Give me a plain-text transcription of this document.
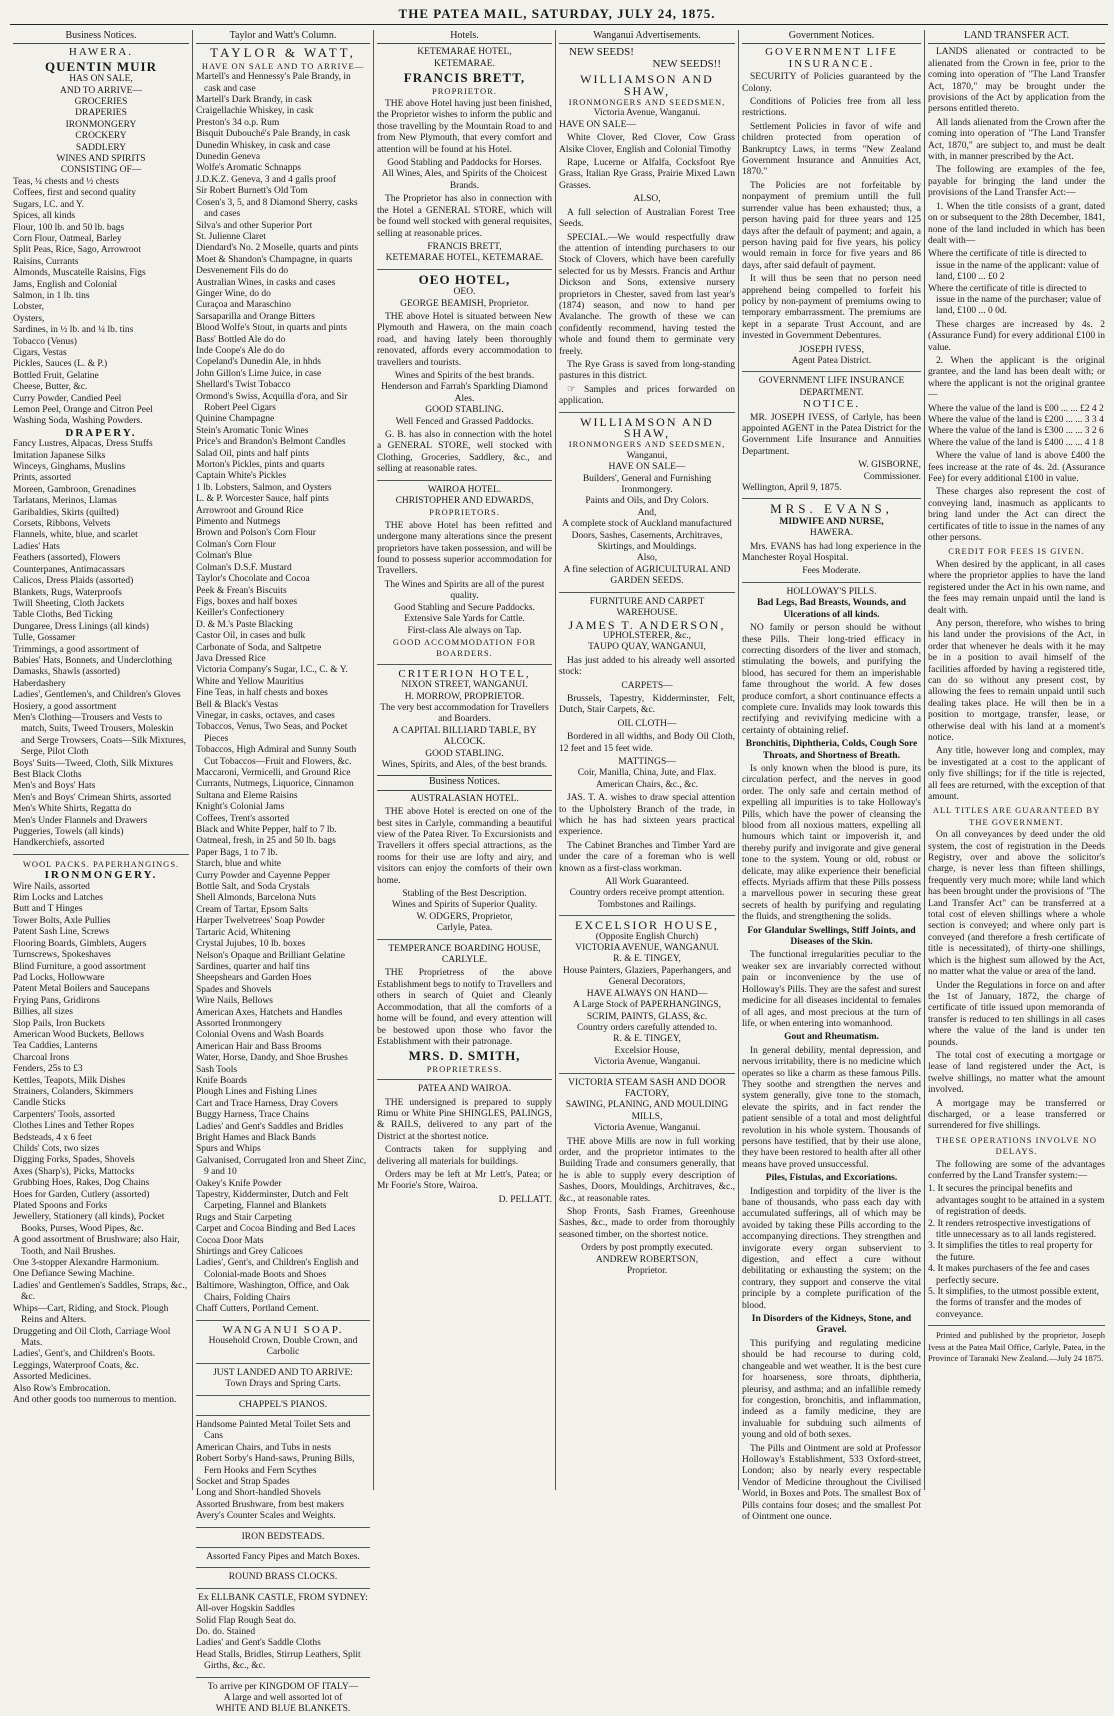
THE PATEA MAIL, SATURDAY, JULY 24, 1875.
Business Notices.
HAWERA.
QUENTIN MUIR

HAS ON SALE,

AND TO ARRIVE—

GROCERIES

DRAPERIES

IRONMONGERY

CROCKERY

SADDLERY

WINES AND SPIRITS

CONSISTING OF—

Teas, ¼ chests and ½ chests

Coffees, first and second quality

Sugars, I.C. and Y.

Spices, all kinds

Flour, 100 lb. and 50 lb. bags

Corn Flour, Oatmeal, Barley

Split Peas, Rice, Sago, Arrowroot

Raisins, Currants

Almonds, Muscatelle Raisins, Figs

Jams, English and Colonial

Salmon, in 1 lb. tins

Lobster,

Oysters,

Sardines, in ½ lb. and ¼ lb. tins

Tobacco (Venus)

Cigars, Vestas

Pickles, Sauces (L. & P.)

Bottled Fruit, Gelatine

Cheese, Butter, &c.

Curry Powder, Candied Peel

Lemon Peel, Orange and Citron Peel

Washing Soda, Washing Powders.

DRAPERY.

Fancy Lustres, Alpacas, Dress Stuffs

Imitation Japanese Silks

Winceys, Ginghams, Muslins

Prints, assorted

Moreen, Gambroon, Grenadines

Tarlatans, Merinos, Llamas

Garibaldies, Skirts (quilted)

Corsets, Ribbons, Velvets

Flannels, white, blue, and scarlet

Ladies' Hats

Feathers (assorted), Flowers

Counterpanes, Antimacassars

Calicos, Dress Plaids (assorted)

Blankets, Rugs, Waterproofs

Twill Sheeting, Cloth Jackets

Table Cloths, Bed Ticking

Dungaree, Dress Linings (all kinds)

Tulle, Gossamer

Trimmings, a good assortment of

Babies' Hats, Bonnets, and Underclothing

Damasks, Shawls (assorted)

Haberdashery

Ladies', Gentlemen's, and Children's Gloves

Hosiery, a good assortment

Men's Clothing—Trousers and Vests to match, Suits, Tweed Trousers, Moleskin and Serge Trowsers, Coats—Silk Mixtures, Serge, Pilot Cloth

Boys' Suits—Tweed, Cloth, Silk Mixtures

Best Black Cloths

Men's and Boys' Hats

Men's and Boys' Crimean Shirts, assorted

Men's White Shirts, Regatta do

Men's Under Flannels and Drawers

Puggeries, Towels (all kinds)

Handkerchiefs, assorted

WOOL PACKS. PAPERHANGINGS.
IRONMONGERY.

Wire Nails, assorted

Rim Locks and Latches

Butt and T Hinges

Tower Bolts, Axle Pullies

Patent Sash Line, Screws

Flooring Boards, Gimblets, Augers

Turnscrews, Spokeshaves

Blind Furniture, a good assortment

Pad Locks, Hollowware

Patent Metal Boilers and Saucepans

Frying Pans, Gridirons

Billies, all sizes

Slop Pails, Iron Buckets

American Wood Buckets, Bellows

Tea Caddies, Lanterns

Charcoal Irons

Fenders, 25s to £3

Kettles, Teapots, Milk Dishes

Strainers, Colanders, Skimmers

Candle Sticks

Carpenters' Tools, assorted

Clothes Lines and Tether Ropes

Bedsteads, 4 x 6 feet

Childs' Cots, two sizes

Digging Forks, Spades, Shovels

Axes (Sharp's), Picks, Mattocks

Grubbing Hoes, Rakes, Dog Chains

Hoes for Garden, Cutlery (assorted)

Plated Spoons and Forks

Jewellery, Stationery (all kinds), Pocket Books, Purses, Wood Pipes, &c.

A good assortment of Brushware; also Hair, Tooth, and Nail Brushes.

One 3-stopper Alexandre Harmonium.

One Defiance Sewing Machine.

Ladies' and Gentlemen's Saddles, Straps, &c., &c.

Whips—Cart, Riding, and Stock. Plough Reins and Alters.

Druggeting and Oil Cloth, Carriage Wool Mats.

Ladies', Gent's, and Children's Boots.

Leggings, Waterproof Coats, &c.

Assorted Medicines.

Also Row's Embrocation.

And other goods too numerous to mention.

Taylor and Watt's Column.
TAYLOR & WATT,
HAVE ON SALE AND TO ARRIVE—

Martell's and Hennessy's Pale Brandy, in cask and case

Martell's Dark Brandy, in cask

Craigellachie Whiskey, in cask

Preston's 34 o.p. Rum

Bisquit Dubouché's Pale Brandy, in cask

Dunedin Whiskey, in cask and case

Dunedin Geneva

Wolfe's Aromatic Schnapps

J.D.K.Z. Geneva, 3 and 4 galls proof

Sir Robert Burnett's Old Tom

Cosen's 3, 5, and 8 Diamond Sherry, casks and cases

Silva's and other Superior Port

St. Julienne Claret

Diendard's No. 2 Moselle, quarts and pints

Moet & Shandon's Champagne, in quarts

Desvenement Fils do do

Australian Wines, in casks and cases

Ginger Wine, do do

Curaçoa and Maraschino

Sarsaparilla and Orange Bitters

Blood Wolfe's Stout, in quarts and pints

Bass' Bottled Ale do do

Inde Coope's Ale do do

Copeland's Dunedin Ale, in hhds

John Gillon's Lime Juice, in case

Shellard's Twist Tobacco

Ormond's Swiss, Acquilla d'ora, and Sir Robert Peel Cigars

Quinine Champagne

Stein's Aromatic Tonic Wines

Price's and Brandon's Belmont Candles

Salad Oil, pints and half pints

Morton's Pickles, pints and quarts

Captain White's Pickles

1 lb. Lobsters, Salmon, and Oysters

L. & P. Worcester Sauce, half pints

Arrowroot and Ground Rice

Pimento and Nutmegs

Brown and Polson's Corn Flour

Colman's Corn Flour

Colman's Blue

Colman's D.S.F. Mustard

Taylor's Chocolate and Cocoa

Peek & Frean's Biscuits

Figs, boxes and half boxes

Keiller's Confectionery

D. & M.'s Paste Blacking

Castor Oil, in cases and bulk

Carbonate of Soda, and Saltpetre

Java Dressed Rice

Victoria Company's Sugar, I.C., C. & Y.

White and Yellow Mauritius

Fine Teas, in half chests and boxes

Bell & Black's Vestas

Vinegar, in casks, octaves, and cases

Tobaccos, Venus, Two Seas, and Pocket Pieces

Tobaccos, High Admiral and Sunny South Cut Tobaccos—Fruit and Flowers, &c.

Maccaroni, Vermicelli, and Ground Rice

Currants, Nutmegs, Liquorice, Cinnamon

Sultana and Eleme Raisins

Knight's Colonial Jams

Coffees, Trent's assorted

Black and White Pepper, half to 7 lb.

Oatmeal, fresh, in 25 and 50 lb. bags

Paper Bags, 1 to 7 lb.

Starch, blue and white

Curry Powder and Cayenne Pepper

Bottle Salt, and Soda Crystals

Shell Almonds, Barcelona Nuts

Cream of Tartar, Epsom Salts

Harper Twelvetrees' Soap Powder

Tartaric Acid, Whitening

Crystal Jujubes, 10 lb. boxes

Nelson's Opaque and Brilliant Gelatine

Sardines, quarter and half tins

Sheepshears and Garden Hoes

Spades and Shovels

Wire Nails, Bellows

American Axes, Hatchets and Handles

Assorted Ironmongery

Colonial Ovens and Wash Boards

American Hair and Bass Brooms

Water, Horse, Dandy, and Shoe Brushes

Sash Tools

Knife Boards

Plough Lines and Fishing Lines

Cart and Trace Harness, Dray Covers

Buggy Harness, Trace Chains

Ladies' and Gent's Saddles and Bridles

Bright Hames and Black Bands

Spurs and Whips

Galvanised, Corrugated Iron and Sheet Zinc, 9 and 10

Oakey's Knife Powder

Tapestry, Kidderminster, Dutch and Felt Carpeting, Flannel and Blankets

Rugs and Stair Carpeting

Carpet and Cocoa Binding and Bed Laces

Cocoa Door Mats

Shirtings and Grey Calicoes

Ladies', Gent's, and Children's English and Colonial-made Boots and Shoes

Baltimore, Washington, Office, and Oak Chairs, Folding Chairs

Chaff Cutters, Portland Cement.

WANGANUI SOAP.

Household Crown, Double Crown, and Carbolic

JUST LANDED AND TO ARRIVE:

Town Drays and Spring Carts.

CHAPPEL'S PIANOS.

Handsome Painted Metal Toilet Sets and Cans

American Chairs, and Tubs in nests

Robert Sorby's Hand-saws, Pruning Bills, Fern Hooks and Fern Scythes

Socket and Strap Spades

Long and Short-handled Shovels

Assorted Brushware, from best makers

Avery's Counter Scales and Weights.

IRON BEDSTEADS.

Assorted Fancy Pipes and Match Boxes.

ROUND BRASS CLOCKS.
Ex ELLBANK CASTLE, FROM SYDNEY:

All-over Hogskin Saddles

Solid Flap Rough Seat do.

Do. do. Stained

Ladies' and Gent's Saddle Cloths

Head Stalls, Bridles, Stirrup Leathers, Split Girths, &c., &c.

To arrive per KINGDOM OF ITALY—

A large and well assorted lot of

WHITE AND BLUE BLANKETS.
Hotels.
KETEMARAE HOTEL,
KETEMARAE.
FRANCIS BRETT,
PROPRIETOR.

THE above Hotel having just been finished, the Proprietor wishes to inform the public and those travelling by the Mountain Road to and from New Plymouth, that every comfort and attention will be found at his Hotel.

Good Stabling and Paddocks for Horses.

All Wines, Ales, and Spirits of the Choicest Brands.

The Proprietor has also in connection with the Hotel a GENERAL STORE, which will be found well stocked with general requisites, selling at reasonable prices.

FRANCIS BRETT,
KETEMARAE HOTEL, KETEMARAE.
OEO HOTEL,
OEO.
GEORGE BEAMISH, Proprietor.

THE above Hotel is situated between New Plymouth and Hawera, on the main coach road, and having lately been thoroughly renovated, affords every accommodation to travellers and tourists.

Wines and Spirits of the best brands.

Henderson and Farrah's Sparkling Diamond Ales.

GOOD STABLING.

Well Fenced and Grassed Paddocks.

G. B. has also in connection with the hotel a GENERAL STORE, well stocked with Clothing, Groceries, Saddlery, &c., and selling at reasonable rates.

WAIROA HOTEL.
CHRISTOPHER AND EDWARDS,
PROPRIETORS.

THE above Hotel has been refitted and undergone many alterations since the present proprietors have taken possession, and will be found to possess superior accommodation for Travellers.

The Wines and Spirits are all of the purest quality.

Good Stabling and Secure Paddocks.

Extensive Sale Yards for Cattle.

First-class Ale always on Tap.

GOOD ACCOMMODATION FOR BOARDERS.

CRITERION HOTEL,
NIXON STREET, WANGANUI.
H. MORROW, PROPRIETOR.

The very best accommodation for Travellers and Boarders.

A CAPITAL BILLIARD TABLE, BY ALCOCK.

GOOD STABLING.

Wines, Spirits, and Ales, of the best brands.

Business Notices.
AUSTRALASIAN HOTEL.

THE above Hotel is erected on one of the best sites in Carlyle, commanding a beautiful view of the Patea River. To Excursionists and Travellers it offers special attractions, as the rooms for their use are lofty and airy, and visitors can enjoy the comforts of their own home.

Stabling of the Best Description.

Wines and Spirits of Superior Quality.

W. ODGERS, Proprietor,
Carlyle, Patea.
TEMPERANCE BOARDING HOUSE, CARLYLE.

THE Proprietress of the above Establishment begs to notify to Travellers and others in search of Quiet and Cleanly Accommodation, that all the comforts of a home will be found, and every attention will be bestowed upon those who favor the Establishment with their patronage.

MRS. D. SMITH,
PROPRIETRESS.
PATEA AND WAIROA.

THE undersigned is prepared to supply Rimu or White Pine SHINGLES, PALINGS, & RAILS, delivered to any part of the District at the shortest notice.

Contracts taken for supplying and delivering all materials for buildings.

Orders may be left at Mr Lett's, Patea; or Mr Foorie's Store, Wairoa.

D. PELLATT.
Wanganui Advertisements.
NEW SEEDS!
NEW SEEDS!!
WILLIAMSON AND SHAW,
IRONMONGERS AND SEEDSMEN,
Victoria Avenue, Wanganui.
HAVE ON SALE—

White Clover, Red Clover, Cow Grass Alsike Clover, English and Colonial Timothy

Rape, Lucerne or Alfalfa, Cocksfoot Rye Grass, Italian Rye Grass, Prairie Mixed Lawn Grasses.

ALSO,

A full selection of Australian Forest Tree Seeds.

SPECIAL.—We would respectfully draw the attention of intending purchasers to our Stock of Clovers, which have been carefully selected for us by Messrs. Francis and Arthur Dickson and Sons, extensive nursery proprietors in Chester, saved from last year's (1874) season, and now to hand per Avalanche. The growth of these we can confidently recommend, having tested the whole and found them to germinate very freely.

The Rye Grass is saved from long-standing pastures in this district.

☞ Samples and prices forwarded on application.

WILLIAMSON AND SHAW,
IRONMONGERS AND SEEDSMEN,
Wanganui,
HAVE ON SALE—

Builders', General and Furnishing Ironmongery.

Paints and Oils, and Dry Colors.

And,

A complete stock of Auckland manufactured Doors, Sashes, Casements, Architraves, Skirtings, and Mouldings.

Also,

A fine selection of AGRICULTURAL AND GARDEN SEEDS.

FURNITURE AND CARPET WAREHOUSE.
JAMES T. ANDERSON,
UPHOLSTERER, &c.,
TAUPO QUAY, WANGANUI,

Has just added to his already well assorted stock:

CARPETS—

Brussels, Tapestry, Kidderminster, Felt, Dutch, Stair Carpets, &c.

OIL CLOTH—

Bordered in all widths, and Body Oil Cloth, 12 feet and 15 feet wide.

MATTINGS—

Coir, Manilla, China, Jute, and Flax.

American Chairs, &c., &c.

JAS. T. A. wishes to draw special attention to the Upholstery Branch of the trade, in which he has had sixteen years practical experience.

The Cabinet Branches and Timber Yard are under the care of a foreman who is well known as a first-class workman.

All Work Guaranteed.

Country orders receive prompt attention.

Tombstones and Railings.

EXCELSIOR HOUSE,
(Opposite English Church)
VICTORIA AVENUE, WANGANUI.
R. & E. TINGEY,

House Painters, Glaziers, Paperhangers, and General Decorators,

HAVE ALWAYS ON HAND—

A Large Stock of PAPERHANGINGS, SCRIM, PAINTS, GLASS, &c.

Country orders carefully attended to.

R. & E. TINGEY,
Excelsior House,
Victoria Avenue, Wanganui.
VICTORIA STEAM SASH AND DOOR FACTORY,
SAWING, PLANING, AND MOULDING MILLS,
Victoria Avenue, Wanganui.

THE above Mills are now in full working order, and the proprietor intimates to the Building Trade and consumers generally, that he is able to supply every description of Sashes, Doors, Mouldings, Architraves, &c., &c., at reasonable rates.

Shop Fronts, Sash Frames, Greenhouse Sashes, &c., made to order from thoroughly seasoned timber, on the shortest notice.

Orders by post promptly executed.

ANDREW ROBERTSON,
Proprietor.
Government Notices.
GOVERNMENT LIFE INSURANCE.

SECURITY of Policies guaranteed by the Colony.

Conditions of Policies free from all less restrictions.

Settlement Policies in favor of wife and children protected from operation of Bankruptcy Laws, in terms "New Zealand Government Insurance and Annuities Act, 1870."

The Policies are not forfeitable by nonpayment of premium untill the full surrender value has been exhausted; thus, a person having paid for three years and 125 days after the default of payment; and again, a person having paid for five years, his policy would remain in force for five years and 86 days, after said default of payment.

It will thus be seen that no person need apprehend being compelled to forfeit his policy by non-payment of premiums owing to temporary embarrassment. The premiums are kept in a separate Trust Account, and are invested in Government Debentures.

JOSEPH IVESS,
Agent Patea District.
GOVERNMENT LIFE INSURANCE DEPARTMENT.
NOTICE.

MR. JOSEPH IVESS, of Carlyle, has been appointed AGENT in the Patea District for the Government Life Insurance and Annuities Department.

W. GISBORNE,
Commissioner.
Wellington, April 9, 1875.
MRS. EVANS,
MIDWIFE AND NURSE,
HAWERA.

Mrs. EVANS has had long experience in the Manchester Royal Hospital.

Fees Moderate.

HOLLOWAY'S PILLS.
Bad Legs, Bad Breasts, Wounds, and Ulcerations of all kinds.

NO family or person should be without these Pills. Their long-tried efficacy in correcting disorders of the liver and stomach, stimulating the bowels, and purifying the blood, has secured for them an imperishable fame throughout the world. A few doses produce comfort, a short continuance effects a complete cure. Invalids may look towards this rectifying and revivifying medicine with a certainty of obtaining relief.

Bronchitis, Diphtheria, Colds, Cough Sore Throats, and Shortness of Breath.

Is only known when the blood is pure, its circulation perfect, and the nerves in good order. The only safe and certain method of expelling all impurities is to take Holloway's Pills, which have the power of cleansing the blood from all noxious matters, expelling all humours which taint or impoverish it, and thereby purify and invigorate and give general tone to the system. Young or old, robust or delicate, may alike experience their beneficial effects. Myriads affirm that these Pills possess a marvellous power in securing these great secrets of health by purifying and regulating the fluids, and strengthening the solids.

For Glandular Swellings, Stiff Joints, and Diseases of the Skin.

The functional irregularities peculiar to the weaker sex are invariably corrected without pain or inconvenience by the use of Holloway's Pills. They are the safest and surest medicine for all diseases incidental to females of all ages, and most precious at the turn of life, or when entering into womanhood.

Gout and Rheumatism.

In general debility, mental depression, and nervous irritability, there is no medicine which operates so like a charm as these famous Pills. They soothe and strengthen the nerves and system generally, give tone to the stomach, elevate the spirits, and in fact render the patient sensible of a total and most delightful revolution in his whole system. Thousands of persons have testified, that by their use alone, they have been restored to health after all other means have proved unsuccessful.

Piles, Fistulas, and Excoriations.

Indigestion and torpidity of the liver is the bane of thousands, who pass each day with accumulated sufferings, all of which may be avoided by taking these Pills according to the accompanying directions. They strengthen and invigorate every organ subservient to digestion, and effect a cure without debilitating or exhausting the system; on the contrary, they support and conserve the vital principle by a complete purification of the blood.

In Disorders of the Kidneys, Stone, and Gravel.

This purifying and regulating medicine should be had recourse to during cold, changeable and wet weather. It is the best cure for hoarseness, sore throats, diphtheria, pleurisy, and asthma; and an infallible remedy for congestion, bronchitis, and inflammation, indeed as a family medicine, they are invaluable for subduing such ailments of young and old of both sexes.

The Pills and Ointment are sold at Professor Holloway's Establishment, 533 Oxford-street, London; also by nearly every respectable Vendor of Medicine throughout the Civilised World, in Boxes and Pots. The smallest Box of Pills contains four doses; and the smallest Pot of Ointment one ounce.

LAND TRANSFER ACT.

LANDS alienated or contracted to be alienated from the Crown in fee, prior to the coming into operation of "The Land Transfer Act, 1870," may be brought under the provisions of the Act by application from the persons entitled thereto.

All lands alienated from the Crown after the coming into operation of "The Land Transfer Act, 1870," are subject to, and must be dealt with, in manner prescribed by the Act.

The following are examples of the fee, payable for bringing the land under the provisions of the Land Transfer Act:—

1. When the title consists of a grant, dated on or subsequent to the 28th December, 1841, none of the land included in which has been dealt with—

Where the certificate of title is directed to issue in the name of the applicant: value of land, £100 ... £0 2

Where the certificate of title is directed to issue in the name of the purchaser; value of land, £100 ... 0 0d.

These charges are increased by 4s. 2 (Assurance Fund) for every additional £100 in value.

2. When the applicant is the original grantee, and the land has been dealt with; or where the applicant is not the original grantee—

Where the value of the land is £00 ... ... £2 4 2

Where the value of the land is £200 ... ... 3 3 4

Where the value of the land is £300 ... ... 3 2 6

Where the value of the land is £400 ... ... 4 1 8

Where the value of land is above £400 the fees increase at the rate of 4s. 2d. (Assurance Fee) for every additional £100 in value.

These charges also represent the cost of conveying land, inasmuch as applicants to bring land under the Act can direct the certificates of title to issue in the names of any other persons.

CREDIT FOR FEES IS GIVEN.

When desired by the applicant, in all cases where the proprietor applies to have the land registered under the Act in his own name, and the fees may remain unpaid until the land is dealt with.

Any person, therefore, who wishes to bring his land under the provisions of the Act, in order that whenever he deals with it he may be in a position to avail himself of the facilities afforded by having a registered title, can do so without any present cost, by allowing the fees to remain unpaid until such dealing takes place. He will then be in a position to mortgage, transfer, lease, or otherwise deal with his land at a moment's notice.

Any title, however long and complex, may be investigated at a cost to the applicant of only five shillings; for if the title is rejected, all fees are returned, with the exception of that amount.

ALL TITLES ARE GUARANTEED BY THE GOVERNMENT.

On all conveyances by deed under the old system, the cost of registration in the Deeds Registry, over and above the solicitor's charge, is never less than fifteen shillings, frequently very much more; while land which has been brought under the provisions of "The Land Transfer Act" can be transferred at a total cost of eleven shillings where a whole section is conveyed; and where only part is conveyed (and therefore a fresh certificate of title is necessitated), of thirty-one shillings, which is the highest sum allowed by the Act, no matter what the value or area of the land.

Under the Regulations in force on and after the 1st of January, 1872, the charge of certificate of title issued upon memoranda of transfer is reduced to ten shillings in all cases where the value of the land is under ten pounds.

The total cost of executing a mortgage or lease of land registered under the Act, is twelve shillings, no matter what the amount involved.

A mortgage may be transferred or discharged, or a lease transferred or surrendered for five shillings.

THESE OPERATIONS INVOLVE NO DELAYS.

The following are some of the advantages conferred by the Land Transfer system:—

1. It secures the principal benefits and advantages sought to be attained in a system of registration of deeds.

2. It renders retrospective investigations of title unnecessary as to all lands registered.

3. It simplifies the titles to real property for the future.

4. It makes purchasers of the fee and cases perfectly secure.

5. It simplifies, to the utmost possible extent, the forms of transfer and the modes of conveyance.

Printed and published by the proprietor, Joseph Ivess at the Patea Mail Office, Carlyle, Patea, in the Province of Taranaki New Zealand.—July 24 1875.
